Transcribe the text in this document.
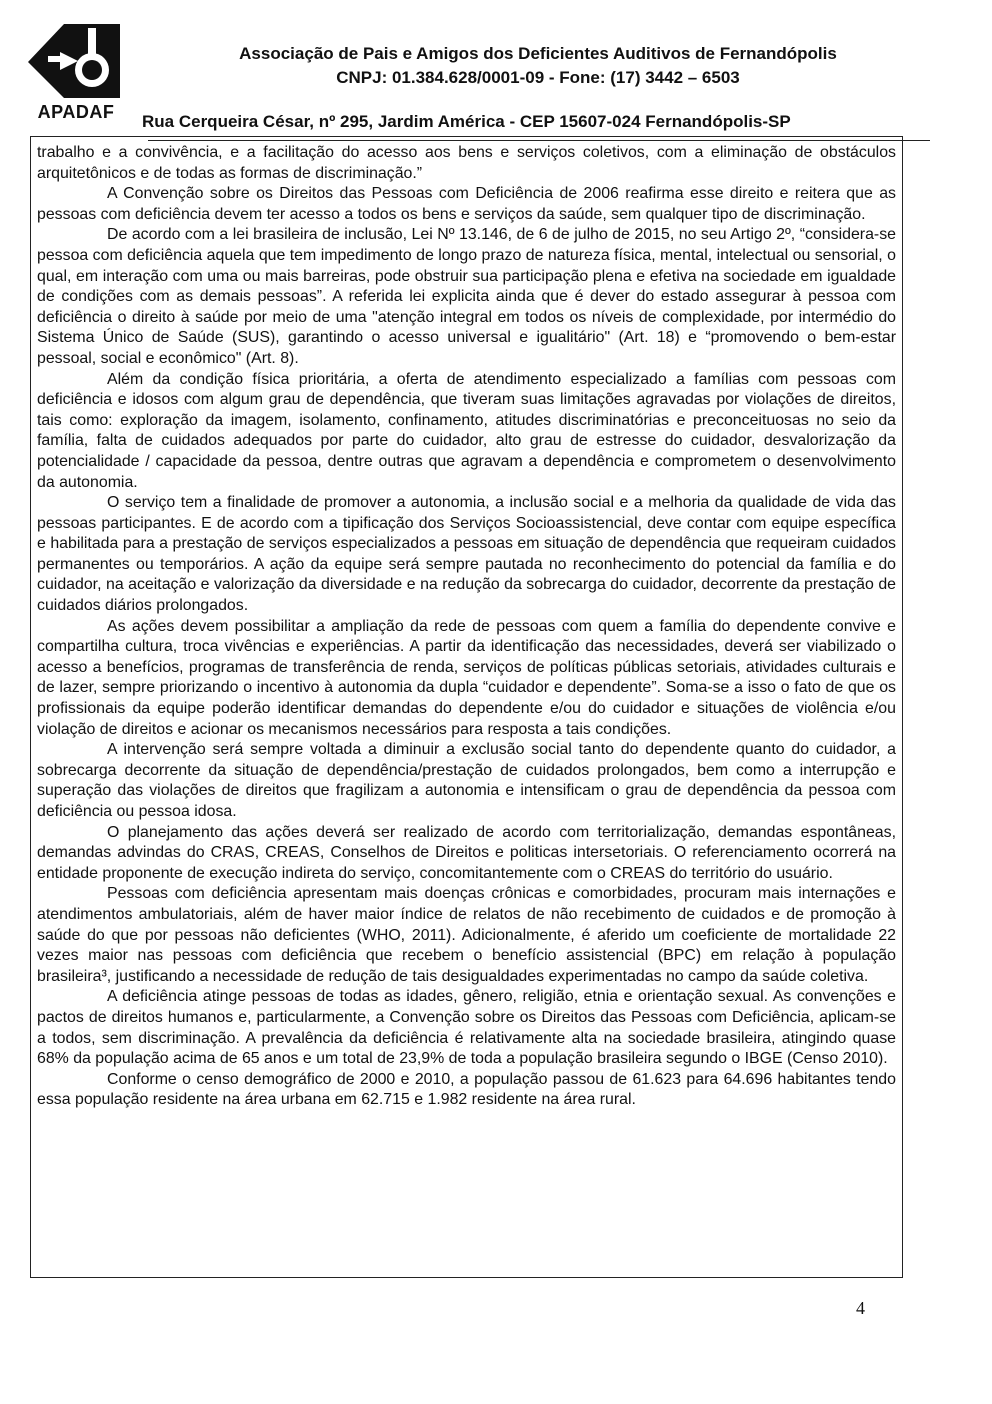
APADAF
Associação de Pais e Amigos dos Deficientes Auditivos de Fernandópolis
CNPJ: 01.384.628/0001-09 - Fone: (17) 3442 – 6503
Rua Cerqueira César, nº 295, Jardim América - CEP 15607-024 Fernandópolis-SP

trabalho e a convivência, e a facilitação do acesso aos bens e serviços coletivos, com a eliminação de obstáculos arquitetônicos e de todas as formas de discriminação.”

A Convenção sobre os Direitos das Pessoas com Deficiência de 2006 reafirma esse direito e reitera que as pessoas com deficiência devem ter acesso a todos os bens e serviços da saúde, sem qualquer tipo de discriminação.

De acordo com a lei brasileira de inclusão, Lei Nº 13.146, de 6 de julho de 2015, no seu Artigo 2º, “considera-se pessoa com deficiência aquela que tem impedimento de longo prazo de natureza física, mental, intelectual ou sensorial, o qual, em interação com uma ou mais barreiras, pode obstruir sua participação plena e efetiva na sociedade em igualdade de condições com as demais pessoas”. A referida lei explicita ainda que é dever do estado assegurar à pessoa com deficiência o direito à saúde por meio de uma "atenção integral em todos os níveis de complexidade, por intermédio do Sistema Único de Saúde (SUS), garantindo o acesso universal e igualitário" (Art. 18) e “promovendo o bem-estar pessoal, social e econômico" (Art. 8).

Além da condição física prioritária, a oferta de atendimento especializado a famílias com pessoas com deficiência e idosos com algum grau de dependência, que tiveram suas limitações agravadas por violações de direitos, tais como: exploração da imagem, isolamento, confinamento, atitudes discriminatórias e preconceituosas no seio da família, falta de cuidados adequados por parte do cuidador, alto grau de estresse do cuidador, desvalorização da potencialidade / capacidade da pessoa, dentre outras que agravam a dependência e comprometem o desenvolvimento da autonomia.

O serviço tem a finalidade de promover a autonomia, a inclusão social e a melhoria da qualidade de vida das pessoas participantes. E de acordo com a tipificação dos Serviços Socioassistencial, deve contar com equipe específica e habilitada para a prestação de serviços especializados a pessoas em situação de dependência que requeiram cuidados permanentes ou temporários. A ação da equipe será sempre pautada no reconhecimento do potencial da família e do cuidador, na aceitação e valorização da diversidade e na redução da sobrecarga do cuidador, decorrente da prestação de cuidados diários prolongados.

As ações devem possibilitar a ampliação da rede de pessoas com quem a família do dependente convive e compartilha cultura, troca vivências e experiências. A partir da identificação das necessidades, deverá ser viabilizado o acesso a benefícios, programas de transferência de renda, serviços de políticas públicas setoriais, atividades culturais e de lazer, sempre priorizando o incentivo à autonomia da dupla “cuidador e dependente”. Soma-se a isso o fato de que os profissionais da equipe poderão identificar demandas do dependente e/ou do cuidador e situações de violência e/ou violação de direitos e acionar os mecanismos necessários para resposta a tais condições.

A intervenção será sempre voltada a diminuir a exclusão social tanto do dependente quanto do cuidador, a sobrecarga decorrente da situação de dependência/prestação de cuidados prolongados, bem como a interrupção e superação das violações de direitos que fragilizam a autonomia e intensificam o grau de dependência da pessoa com deficiência ou pessoa idosa.

O planejamento das ações deverá ser realizado de acordo com territorialização, demandas espontâneas, demandas advindas do CRAS, CREAS, Conselhos de Direitos e politicas intersetoriais. O referenciamento ocorrerá na entidade proponente de execução indireta do serviço, concomitantemente com o CREAS do território do usuário.

Pessoas com deficiência apresentam mais doenças crônicas e comorbidades, procuram mais internações e atendimentos ambulatoriais, além de haver maior índice de relatos de não recebimento de cuidados e de promoção à saúde do que por pessoas não deficientes (WHO, 2011). Adicionalmente, é aferido um coeficiente de mortalidade 22 vezes maior nas pessoas com deficiência que recebem o benefício assistencial (BPC) em relação à população brasileira³, justificando a necessidade de redução de tais desigualdades experimentadas no campo da saúde coletiva.

A deficiência atinge pessoas de todas as idades, gênero, religião, etnia e orientação sexual. As convenções e pactos de direitos humanos e, particularmente, a Convenção sobre os Direitos das Pessoas com Deficiência, aplicam-se a todos, sem discriminação. A prevalência da deficiência é relativamente alta na sociedade brasileira, atingindo quase 68% da população acima de 65 anos e um total de 23,9% de toda a população brasileira segundo o IBGE (Censo 2010).

Conforme o censo demográfico de 2000 e 2010, a população passou de 61.623 para 64.696 habitantes tendo essa população residente na área urbana em 62.715 e 1.982 residente na área rural.

4
